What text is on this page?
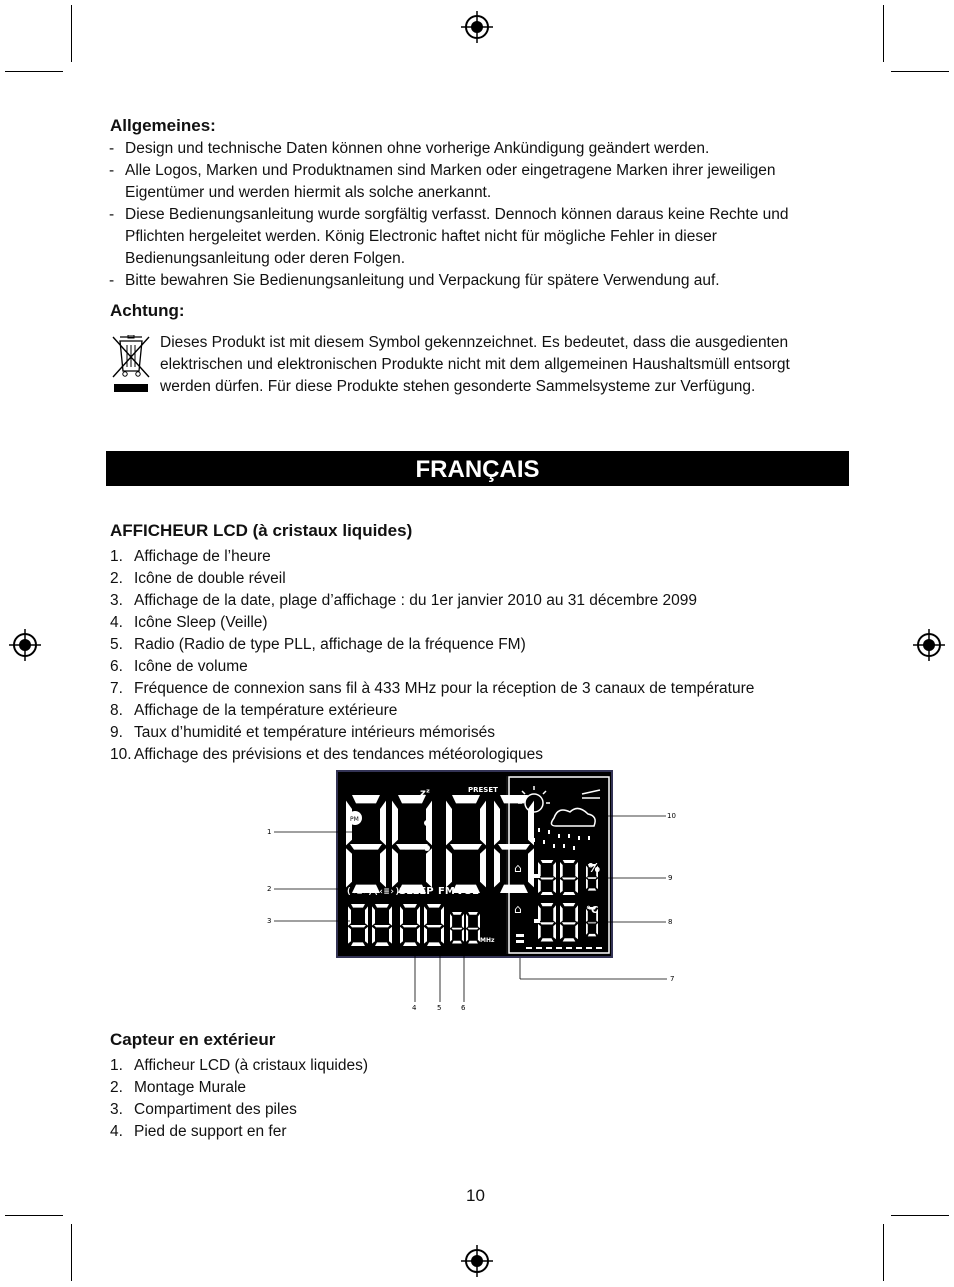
Allgemeines:
- Design und technische Daten können ohne vorherige Ankündigung geändert werden.
- Alle Logos, Marken und Produktnamen sind Marken oder eingetragene Marken ihrer jeweiligen Eigentümer und werden hiermit als solche anerkannt.
- Diese Bedienungsanleitung wurde sorgfältig verfasst. Dennoch können daraus keine Rechte und Pflichten hergeleitet werden. König Electronic haftet nicht für mögliche Fehler in dieser Bedienungsanleitung oder deren Folgen.
- Bitte bewahren Sie Bedienungsanleitung und Verpackung für spätere Verwendung auf.
Achtung:
Dieses Produkt ist mit diesem Symbol gekennzeichnet. Es bedeutet, dass die ausgedienten elektrischen und elektronischen Produkte nicht mit dem allgemeinen Haushaltsmüll entsorgt werden dürfen. Für diese Produkte stehen gesonderte Sammelsysteme zur Verfügung.
FRANÇAIS
AFFICHEUR LCD (à cristaux liquides)
1. Affichage de l’heure
2. Icône de double réveil
3. Affichage de la date, plage d’affichage : du 1er janvier 2010 au 31 décembre 2099
4. Icône Sleep (Veille)
5. Radio (Radio de type PLL, affichage de la fréquence FM)
6. Icône de volume
7. Fréquence de connexion sans fil à 433 MHz pour la réception de 3 canaux de température
8. Affichage de la température extérieure
9. Taux d’humidité et température intérieurs mémorisés
10. Affichage des prévisions et des tendances météorologiques
PM
zᶻ	PRESET
(‹≡›)(‹≡›)
SLEEP FM VOL
MHz
⌂	%
⌂	°C
1
2
3
4	5	6
7
8
9
10
Capteur en extérieur
1. Afficheur LCD (à cristaux liquides)
2. Montage Murale
3. Compartiment des piles
4. Pied de support en fer
10
